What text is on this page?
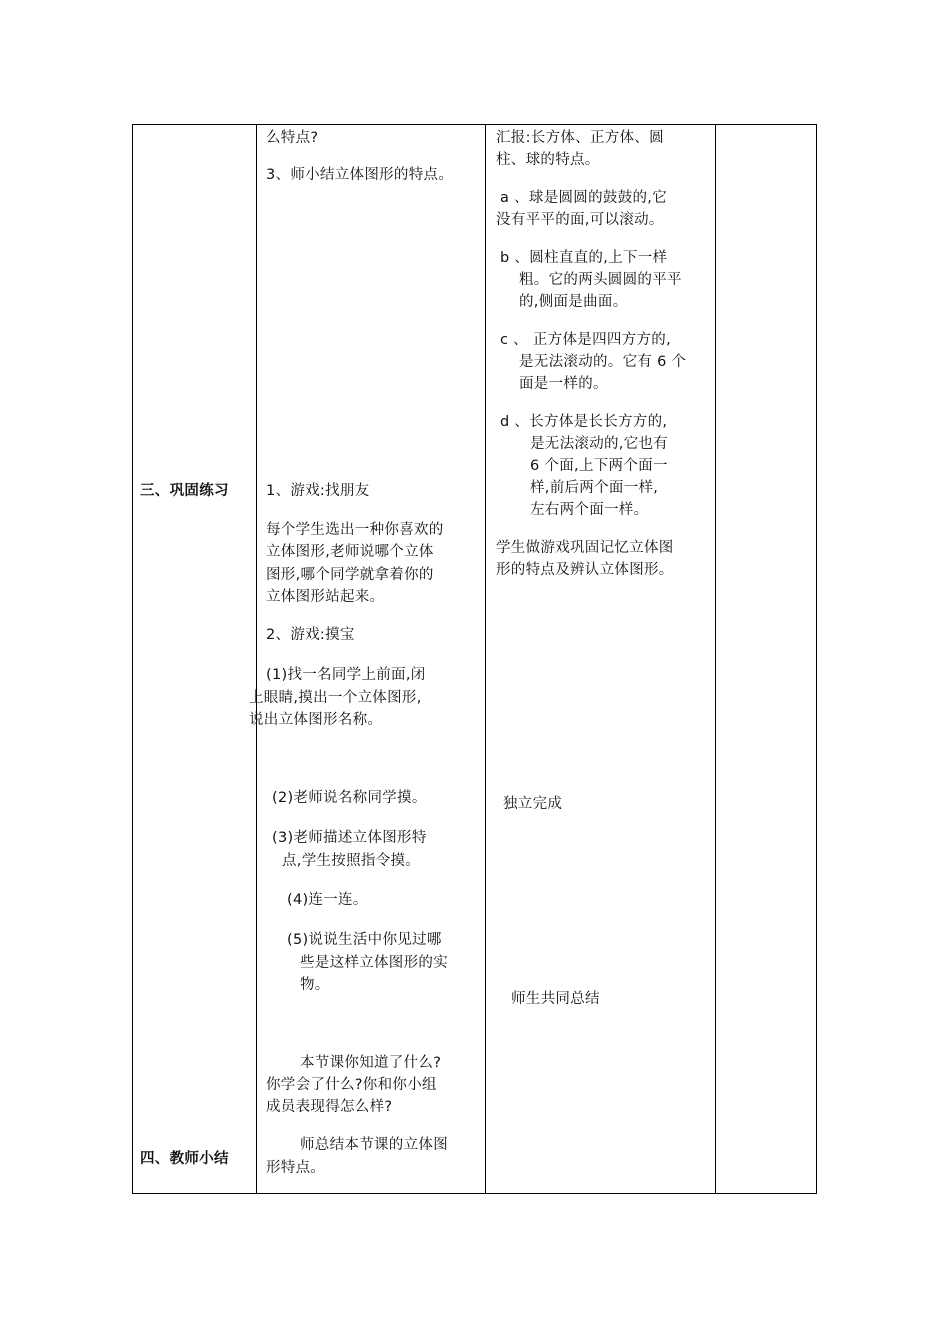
三、巩固练习
四、教师小结
么特点?
3、师小结立体图形的特点。
1、游戏:找朋友
每个学生选出一种你喜欢的
立体图形,老师说哪个立体
图形,哪个同学就拿着你的
立体图形站起来。
2、游戏:摸宝
(1)找一名同学上前面,闭
上眼睛,摸出一个立体图形,
说出立体图形名称。
(2)老师说名称同学摸。
(3)老师描述立体图形特
点,学生按照指令摸。
(4)连一连。
(5)说说生活中你见过哪
些是这样立体图形的实
物。
本节课你知道了什么?
你学会了什么?你和你小组
成员表现得怎么样?
师总结本节课的立体图
形特点。
汇报:长方体、正方体、圆
柱、球的特点。
a 、球是圆圆的鼓鼓的,它
没有平平的面,可以滚动。
b 、圆柱直直的,上下一样
粗。它的两头圆圆的平平
的,侧面是曲面。
c 、 正方体是四四方方的,
是无法滚动的。它有 6 个
面是一样的。
d 、长方体是长长方方的,
是无法滚动的,它也有
6 个面,上下两个面一
样,前后两个面一样,
左右两个面一样。
学生做游戏巩固记忆立体图
形的特点及辨认立体图形。
独立完成
师生共同总结
